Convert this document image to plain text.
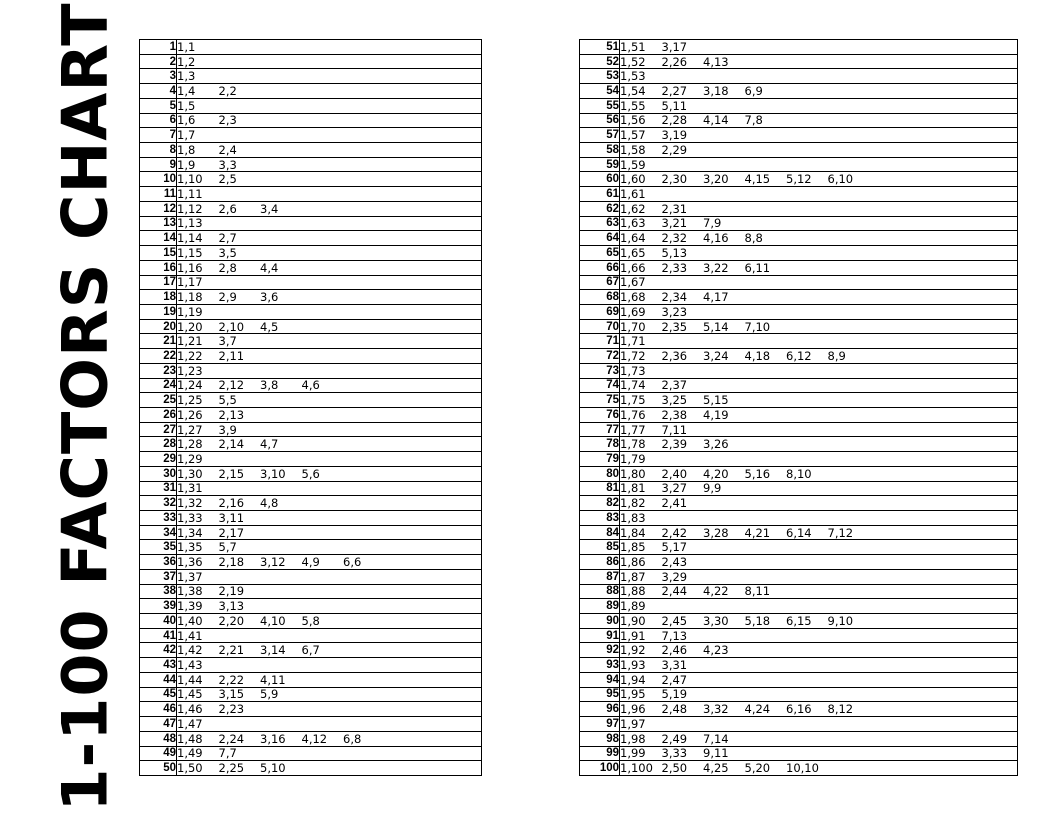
1-100 FACTORS CHART	1	1,1
2	1,2
3	1,3
4	1,4 2,2
5	1,5
6	1,6 2,3
7	1,7
8	1,8 2,4
9	1,9 3,3
10	1,10 2,5
11	1,11
12	1,12 2,6 3,4
13	1,13
14	1,14 2,7
15	1,15 3,5
16	1,16 2,8 4,4
17	1,17
18	1,18 2,9 3,6
19	1,19
20	1,20 2,10 4,5
21	1,21 3,7
22	1,22 2,11
23	1,23
24	1,24 2,12 3,8 4,6
25	1,25 5,5
26	1,26 2,13
27	1,27 3,9
28	1,28 2,14 4,7
29	1,29
30	1,30 2,15 3,10 5,6
31	1,31
32	1,32 2,16 4,8
33	1,33 3,11
34	1,34 2,17
35	1,35 5,7
36	1,36 2,18 3,12 4,9 6,6
37	1,37
38	1,38 2,19
39	1,39 3,13
40	1,40 2,20 4,10 5,8
41	1,41
42	1,42 2,21 3,14 6,7
43	1,43
44	1,44 2,22 4,11
45	1,45 3,15 5,9
46	1,46 2,23
47	1,47
48	1,48 2,24 3,16 4,12 6,8
49	1,49 7,7
50	1,50 2,25 5,10
51	1,51 3,17
52	1,52 2,26 4,13
53	1,53
54	1,54 2,27 3,18 6,9
55	1,55 5,11
56	1,56 2,28 4,14 7,8
57	1,57 3,19
58	1,58 2,29
59	1,59
60	1,60 2,30 3,20 4,15 5,12 6,10
61	1,61
62	1,62 2,31
63	1,63 3,21 7,9
64	1,64 2,32 4,16 8,8
65	1,65 5,13
66	1,66 2,33 3,22 6,11
67	1,67
68	1,68 2,34 4,17
69	1,69 3,23
70	1,70 2,35 5,14 7,10
71	1,71
72	1,72 2,36 3,24 4,18 6,12 8,9
73	1,73
74	1,74 2,37
75	1,75 3,25 5,15
76	1,76 2,38 4,19
77	1,77 7,11
78	1,78 2,39 3,26
79	1,79
80	1,80 2,40 4,20 5,16 8,10
81	1,81 3,27 9,9
82	1,82 2,41
83	1,83
84	1,84 2,42 3,28 4,21 6,14 7,12
85	1,85 5,17
86	1,86 2,43
87	1,87 3,29
88	1,88 2,44 4,22 8,11
89	1,89
90	1,90 2,45 3,30 5,18 6,15 9,10
91	1,91 7,13
92	1,92 2,46 4,23
93	1,93 3,31
94	1,94 2,47
95	1,95 5,19
96	1,96 2,48 3,32 4,24 6,16 8,12
97	1,97
98	1,98 2,49 7,14
99	1,99 3,33 9,11
100	1,100 2,50 4,25 5,20 10,10
